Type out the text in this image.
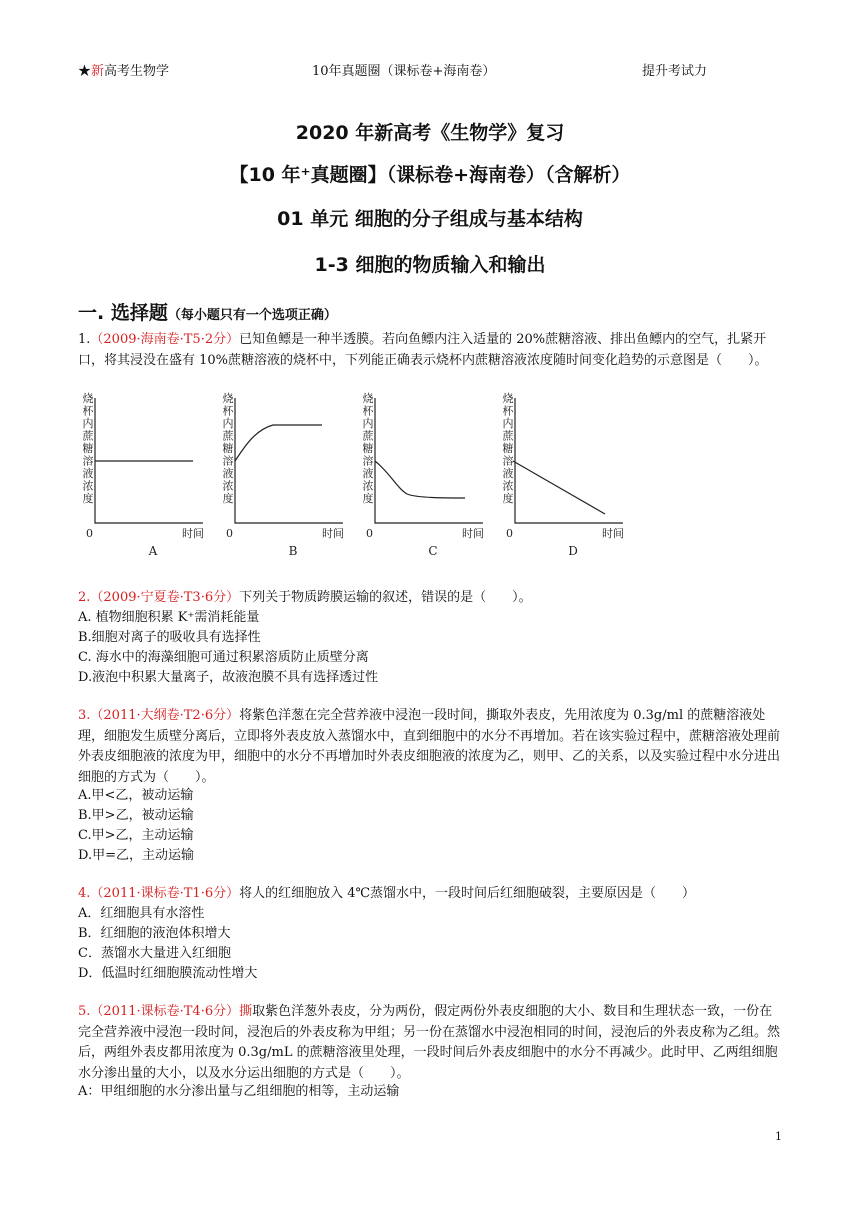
★新高考生物学	10年真题圈（课标卷+海南卷）	提升考试力
2020 年新高考《生物学》复习
【10 年⁺真题圈】（课标卷+海南卷）（含解析）
01 单元 细胞的分子组成与基本结构
1-3 细胞的物质输入和输出
一. 选择题（每小题只有一个选项正确）
1.（2009·海南卷·T5·2分）已知鱼鳔是一种半透膜。若向鱼鳔内注入适量的 20%蔗糖溶液、排出鱼鳔内的空气，扎紧开口，将其浸没在盛有 10%蔗糖溶液的烧杯中，下列能正确表示烧杯内蔗糖溶液浓度随时间变化趋势的示意图是（　　）。
烧
杯
内
蔗
糖
溶
液
浓
度
0	时间
A
烧
杯
内
蔗
糖
溶
液
浓
度
0	时间
B
烧
杯
内
蔗
糖
溶
液
浓
度
0	时间
C
烧
杯
内
蔗
糖
溶
液
浓
度
0	时间
D
2.（2009·宁夏卷·T3·6分）下列关于物质跨膜运输的叙述，错误的是（　　）。
A. 植物细胞积累 K⁺需消耗能量
B.细胞对离子的吸收具有选择性
C. 海水中的海藻细胞可通过积累溶质防止质壁分离
D.液泡中积累大量离子，故液泡膜不具有选择透过性
3.（2011·大纲卷·T2·6分）将紫色洋葱在完全营养液中浸泡一段时间，撕取外表皮，先用浓度为 0.3g/ml 的蔗糖溶液处理，细胞发生质壁分离后，立即将外表皮放入蒸馏水中，直到细胞中的水分不再增加。若在该实验过程中，蔗糖溶液处理前外表皮细胞液的浓度为甲，细胞中的水分不再增加时外表皮细胞液的浓度为乙，则甲、乙的关系，以及实验过程中水分进出细胞的方式为（　　）。
A.甲<乙，被动运输
B.甲>乙，被动运输
C.甲>乙，主动运输
D.甲=乙，主动运输
4.（2011·课标卷·T1·6分）将人的红细胞放入 4℃蒸馏水中，一段时间后红细胞破裂，主要原因是（　　）
A．红细胞具有水溶性
B．红细胞的液泡体积增大
C．蒸馏水大量进入红细胞
D．低温时红细胞膜流动性增大
5.（2011·课标卷·T4·6分）撕取紫色洋葱外表皮，分为两份，假定两份外表皮细胞的大小、数目和生理状态一致，一份在完全营养液中浸泡一段时间，浸泡后的外表皮称为甲组；另一份在蒸馏水中浸泡相同的时间，浸泡后的外表皮称为乙组。然后，两组外表皮都用浓度为 0.3g/mL 的蔗糖溶液里处理，一段时间后外表皮细胞中的水分不再减少。此时甲、乙两组细胞水分渗出量的大小，以及水分运出细胞的方式是（　　）。
A：甲组细胞的水分渗出量与乙组细胞的相等，主动运输
1
